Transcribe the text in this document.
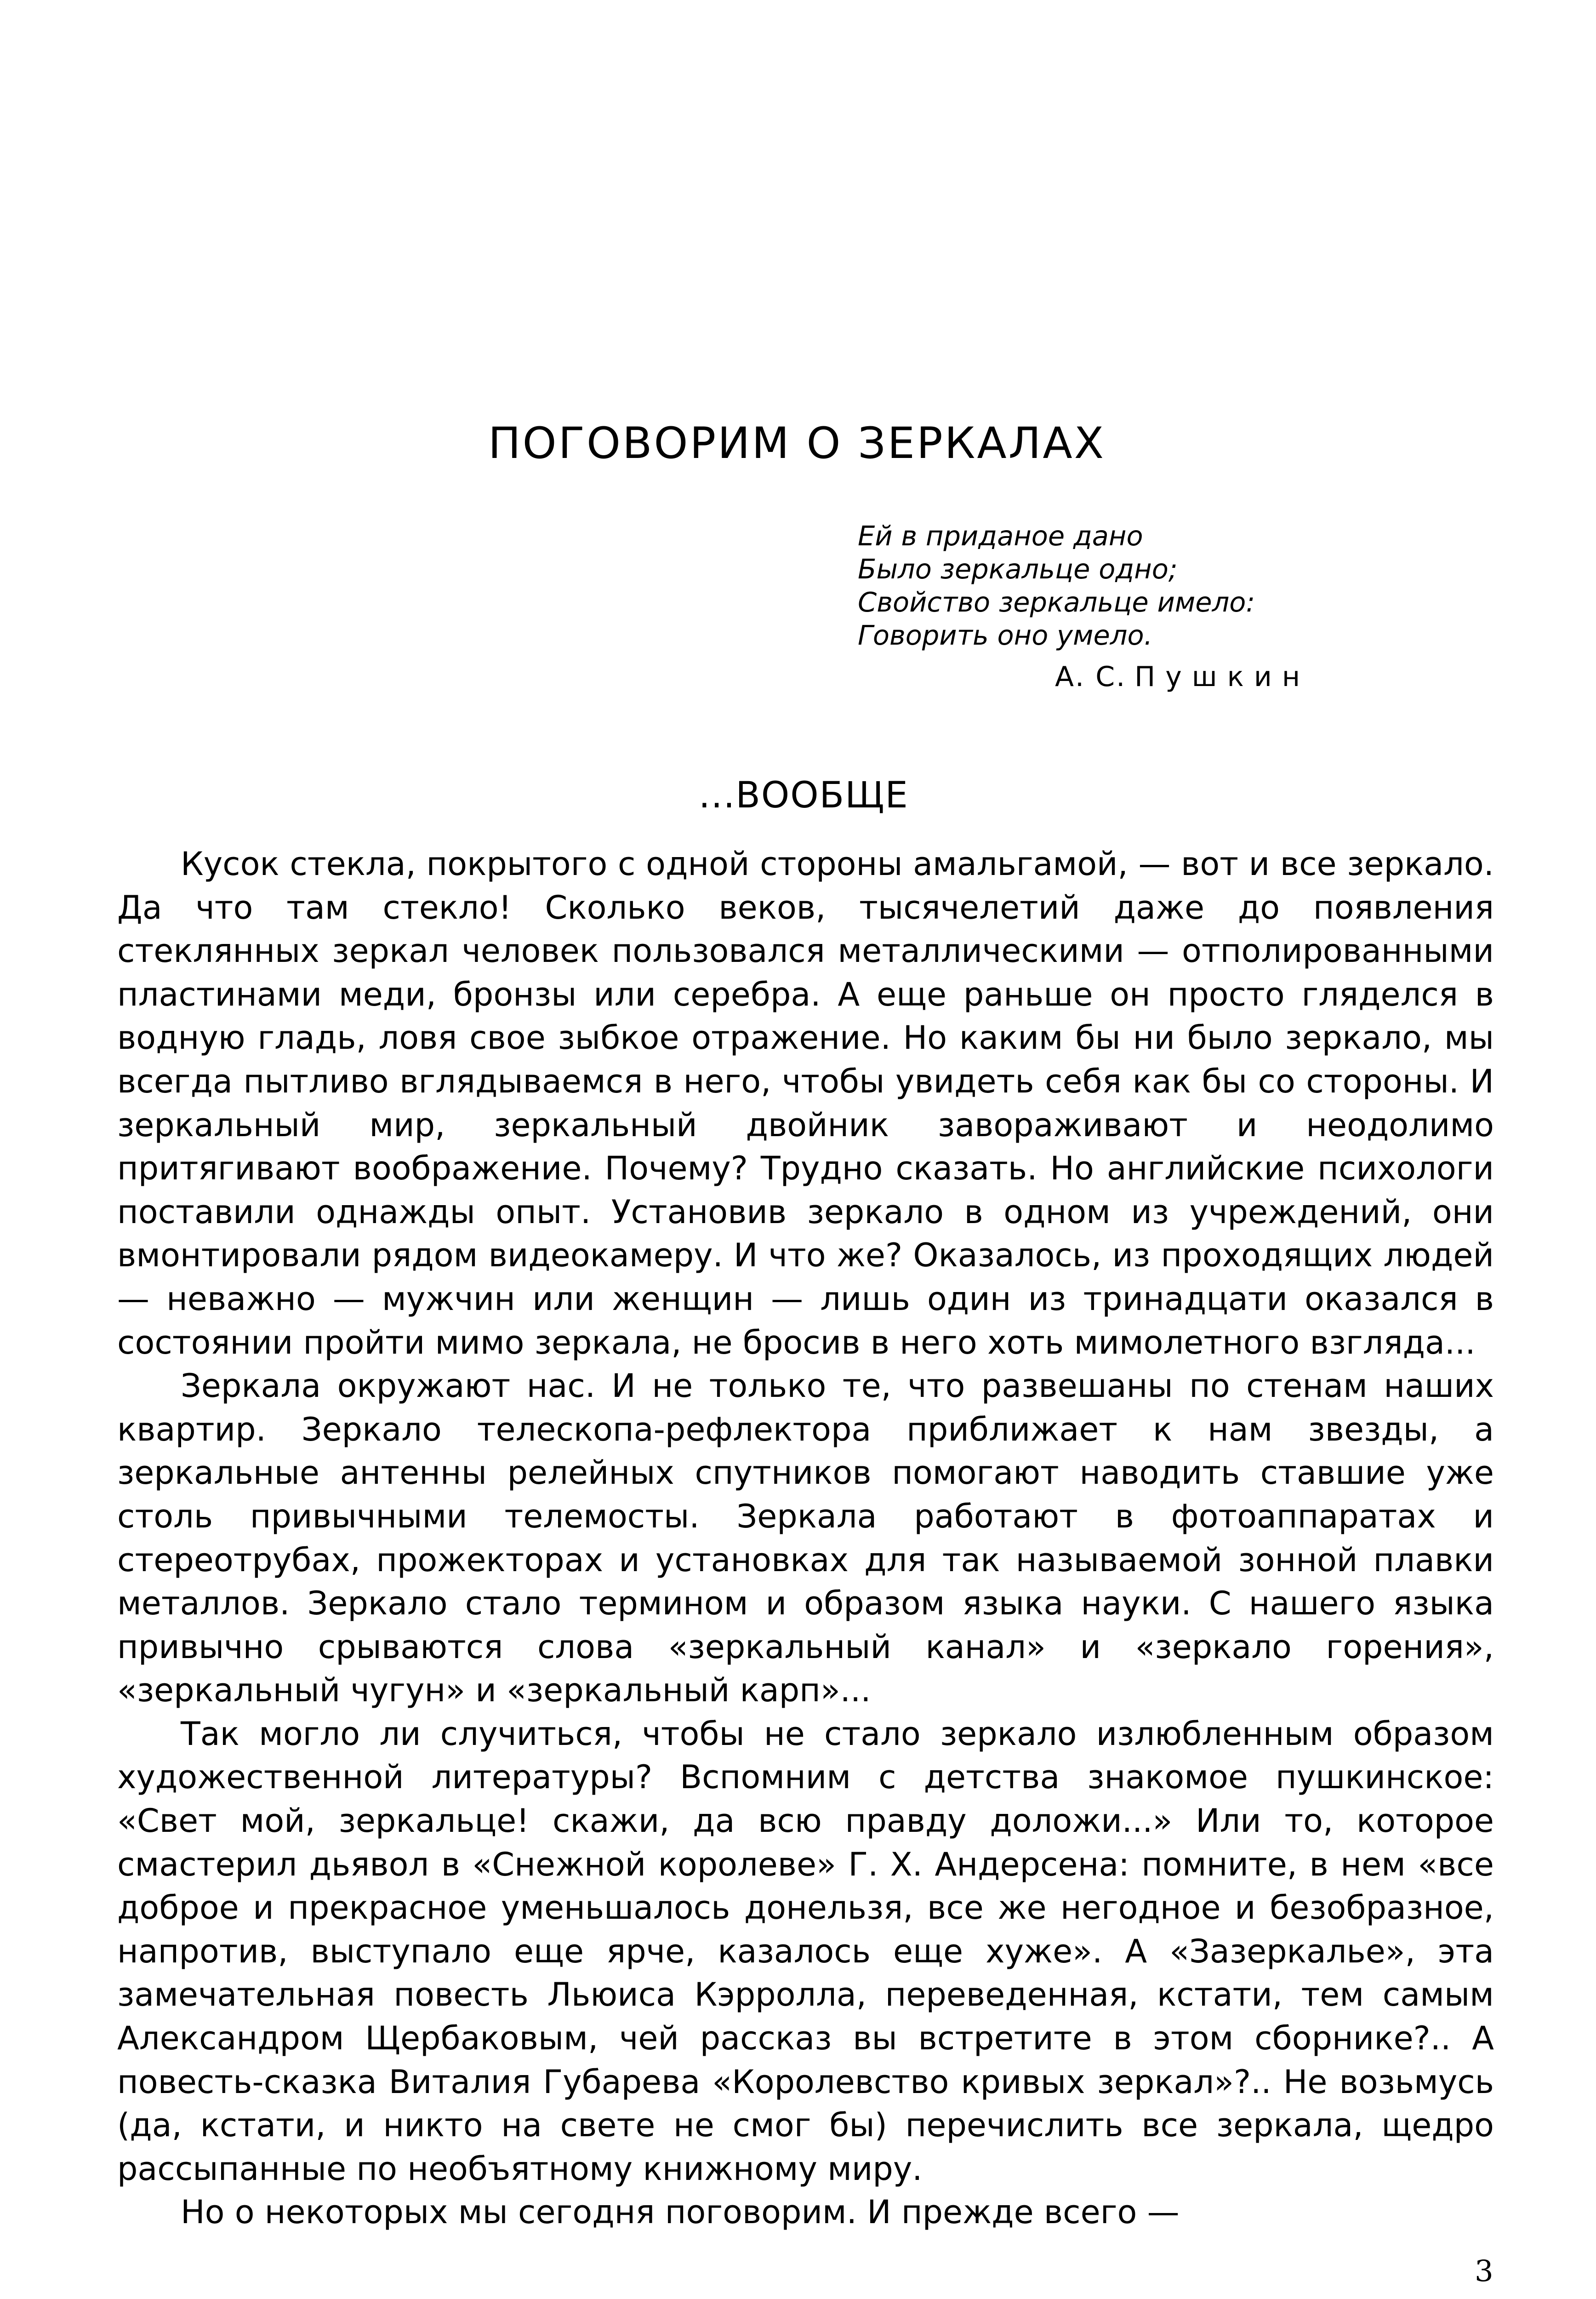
ПОГОВОРИМ О ЗЕРКАЛАХ
Ей в приданое дано
Было зеркальце одно;
Свойство зеркальце имело:
Говорить оно умело.
А. С. Пушкин
...ВООБЩЕ

Кусок стекла, покрытого с одной стороны амальгамой, — вот и все зеркало. Да что там стекло! Сколько веков, тысячелетий даже до появления стеклянных зеркал человек пользовался металлическими — отполированными пластинами меди, бронзы или серебра. А еще раньше он просто гляделся в водную гладь, ловя свое зыбкое отражение. Но каким бы ни было зеркало, мы всегда пытливо вглядываемся в него, чтобы увидеть себя как бы со стороны. И зеркальный мир, зеркальный двойник завораживают и неодолимо притягивают воображение. Почему? Трудно сказать. Но английские психологи поставили однажды опыт. Установив зеркало в одном из учреждений, они вмонтировали рядом видеокамеру. И что же? Оказалось, из проходящих людей — неважно — мужчин или женщин — лишь один из тринадцати оказался в состоянии пройти мимо зеркала, не бросив в него хоть мимолетного взгляда...

Зеркала окружают нас. И не только те, что развешаны по стенам наших квартир. Зеркало телескопа-рефлектора приближает к нам звезды, а зеркальные антенны релейных спутников помогают наводить ставшие уже столь привычными телемосты. Зеркала работают в фотоаппаратах и стереотрубах, прожекторах и установках для так называемой зонной плавки металлов. Зеркало стало термином и образом языка науки. С нашего языка привычно срываются слова «зеркальный канал» и «зеркало горения», «зеркальный чугун» и «зеркальный карп»...

Так могло ли случиться, чтобы не стало зеркало излюбленным образом художественной литературы? Вспомним с детства знакомое пушкинское: «Свет мой, зеркальце! скажи, да всю правду доложи...» Или то, которое смастерил дьявол в «Снежной королеве» Г. Х. Андерсена: помните, в нем «все доброе и прекрасное уменьшалось донельзя, все же негодное и безобразное, напротив, выступало еще ярче, казалось еще хуже». А «Зазеркалье», эта замечательная повесть Льюиса Кэрролла, переведенная, кстати, тем самым Александром Щербаковым, чей рассказ вы встретите в этом сборнике?.. А повесть-сказка Виталия Губарева «Королевство кривых зеркал»?.. Не возьмусь (да, кстати, и никто на свете не смог бы) перечислить все зеркала, щедро рассыпанные по необъятному книжному миру.

Но о некоторых мы сегодня поговорим. И прежде всего —

3
